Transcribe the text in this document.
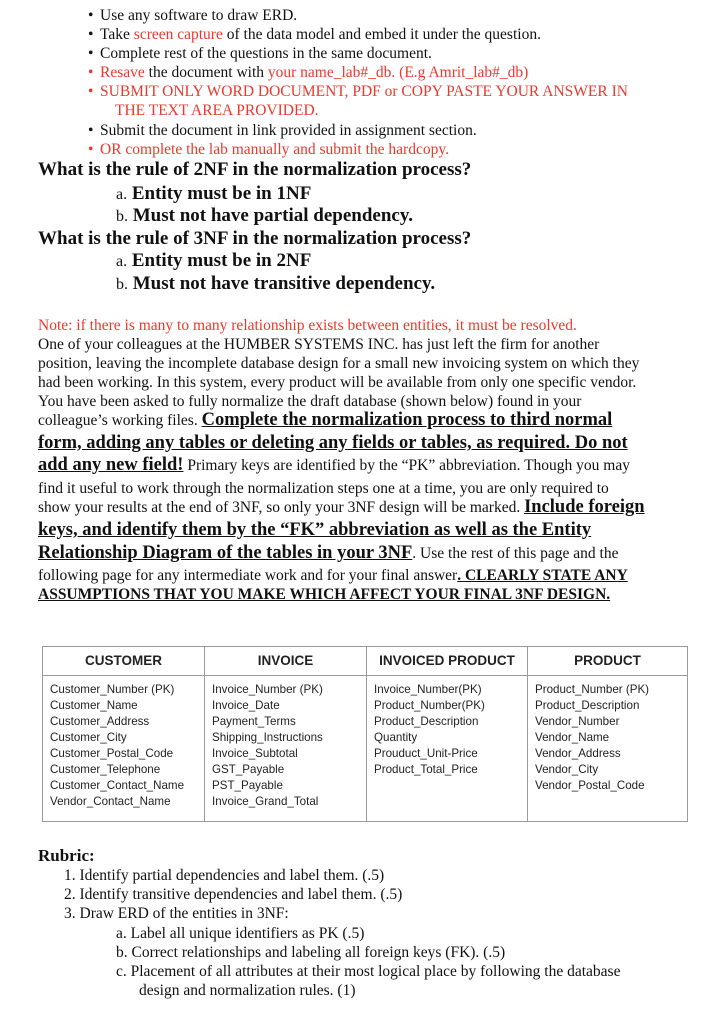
• Use any software to draw ERD.
• Take screen capture of the data model and embed it under the question.
• Complete rest of the questions in the same document.
• Resave the document with your name_lab#_db. (E.g Amrit_lab#_db)
• SUBMIT ONLY WORD DOCUMENT, PDF or COPY PASTE YOUR ANSWER IN
THE TEXT AREA PROVIDED.
• Submit the document in link provided in assignment section.
• OR complete the lab manually and submit the hardcopy.
What is the rule of 2NF in the normalization process?
a. Entity must be in 1NF
b. Must not have partial dependency.
What is the rule of 3NF in the normalization process?
a. Entity must be in 2NF
b. Must not have transitive dependency.
Note: if there is many to many relationship exists between entities, it must be resolved.
One of your colleagues at the HUMBER SYSTEMS INC. has just left the firm for another
position, leaving the incomplete database design for a small new invoicing system on which they
had been working. In this system, every product will be available from only one specific vendor.
You have been asked to fully normalize the draft database (shown below) found in your
colleague’s working files. Complete the normalization process to third normal
form, adding any tables or deleting any fields or tables, as required. Do not
add any new field! Primary keys are identified by the “PK” abbreviation. Though you may
find it useful to work through the normalization steps one at a time, you are only required to
show your results at the end of 3NF, so only your 3NF design will be marked. Include foreign
keys, and identify them by the “FK” abbreviation as well as the Entity
Relationship Diagram of the tables in your 3NF. Use the rest of this page and the
following page for any intermediate work and for your final answer. CLEARLY STATE ANY
ASSUMPTIONS THAT YOU MAKE WHICH AFFECT YOUR FINAL 3NF DESIGN.
CUSTOMER
Customer_Number (PK)
Customer_Name
Customer_Address
Customer_City
Customer_Postal_Code
Customer_Telephone
Customer_Contact_Name
Vendor_Contact_Name
INVOICE
Invoice_Number (PK)
Invoice_Date
Payment_Terms
Shipping_Instructions
Invoice_Subtotal
GST_Payable
PST_Payable
Invoice_Grand_Total
INVOICED PRODUCT
Invoice_Number(PK)
Product_Number(PK)
Product_Description
Quantity
Prouduct_Unit-Price
Product_Total_Price
PRODUCT
Product_Number (PK)
Product_Description
Vendor_Number
Vendor_Name
Vendor_Address
Vendor_City
Vendor_Postal_Code
Rubric:
1. Identify partial dependencies and label them. (.5)
2. Identify transitive dependencies and label them. (.5)
3. Draw ERD of the entities in 3NF:
a. Label all unique identifiers as PK (.5)
b. Correct relationships and labeling all foreign keys (FK). (.5)
c. Placement of all attributes at their most logical place by following the database
design and normalization rules. (1)
